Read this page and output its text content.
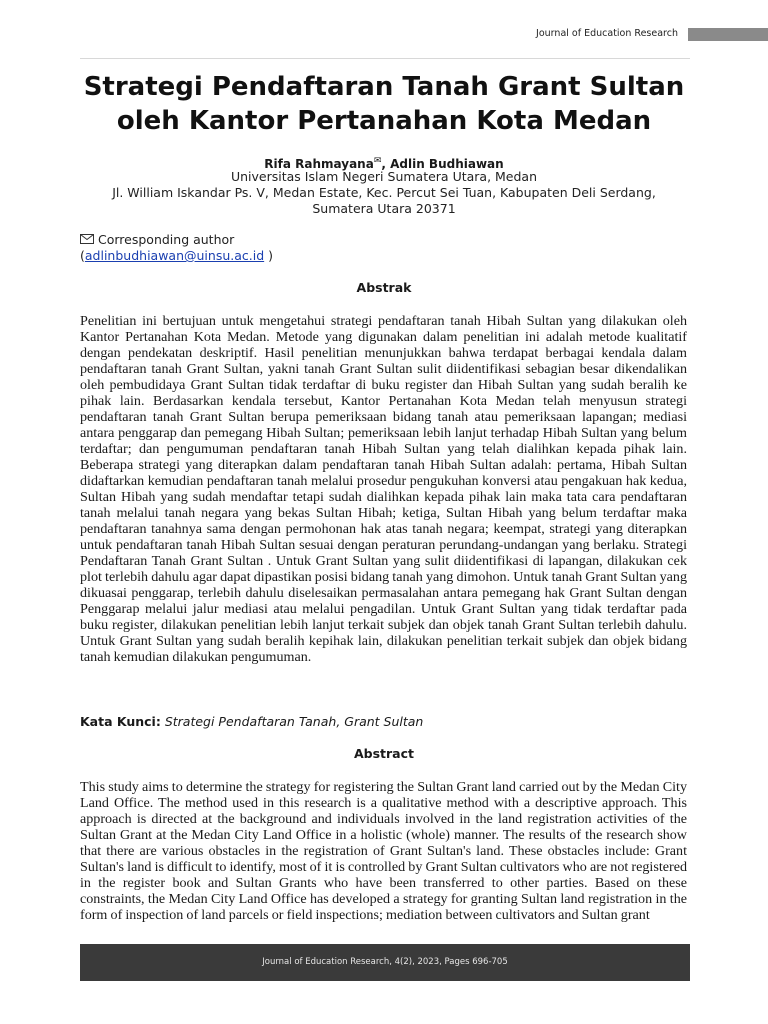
Journal of Education Research
Strategi Pendaftaran Tanah Grant Sultan
oleh Kantor Pertanahan Kota Medan
Rifa Rahmayana✉, Adlin Budhiawan
Universitas Islam Negeri Sumatera Utara, Medan
Jl. William Iskandar Ps. V, Medan Estate, Kec. Percut Sei Tuan, Kabupaten Deli Serdang, Sumatera Utara 20371
Corresponding author
(adlinbudhiawan@uinsu.ac.id )
Abstrak

Penelitian ini bertujuan untuk mengetahui strategi pendaftaran tanah Hibah Sultan yang dilakukan oleh Kantor Pertanahan Kota Medan. Metode yang digunakan dalam penelitian ini adalah metode kualitatif dengan pendekatan deskriptif. Hasil penelitian menunjukkan bahwa terdapat berbagai kendala dalam pendaftaran tanah Grant Sultan, yakni tanah Grant Sultan sulit diidentifikasi sebagian besar dikendalikan oleh pembudidaya Grant Sultan tidak terdaftar di buku register dan Hibah Sultan yang sudah beralih ke pihak lain. Berdasarkan kendala tersebut, Kantor Pertanahan Kota Medan telah menyusun strategi pendaftaran tanah Grant Sultan berupa pemeriksaan bidang tanah atau pemeriksaan lapangan; mediasi antara penggarap dan pemegang Hibah Sultan; pemeriksaan lebih lanjut terhadap Hibah Sultan yang belum terdaftar; dan pengumuman pendaftaran tanah Hibah Sultan yang telah dialihkan kepada pihak lain. Beberapa strategi yang diterapkan dalam pendaftaran tanah Hibah Sultan adalah: pertama, Hibah Sultan didaftarkan kemudian pendaftaran tanah melalui prosedur pengukuhan konversi atau pengakuan hak kedua, Sultan Hibah yang sudah mendaftar tetapi sudah dialihkan kepada pihak lain maka tata cara pendaftaran tanah melalui tanah negara yang bekas Sultan Hibah; ketiga, Sultan Hibah yang belum terdaftar maka pendaftaran tanahnya sama dengan permohonan hak atas tanah negara; keempat, strategi yang diterapkan untuk pendaftaran tanah Hibah Sultan sesuai dengan peraturan perundang-undangan yang berlaku. Strategi Pendaftaran Tanah Grant Sultan . Untuk Grant Sultan yang sulit diidentifikasi di lapangan, dilakukan cek plot terlebih dahulu agar dapat dipastikan posisi bidang tanah yang dimohon. Untuk tanah Grant Sultan yang dikuasai penggarap, terlebih dahulu diselesaikan permasalahan antara pemegang hak Grant Sultan dengan Penggarap melalui jalur mediasi atau melalui pengadilan. Untuk Grant Sultan yang tidak terdaftar pada buku register, dilakukan penelitian lebih lanjut terkait subjek dan objek tanah Grant Sultan terlebih dahulu. Untuk Grant Sultan yang sudah beralih kepihak lain, dilakukan penelitian terkait subjek dan objek bidang tanah kemudian dilakukan pengumuman.

Kata Kunci: Strategi Pendaftaran Tanah, Grant Sultan
Abstract

This study aims to determine the strategy for registering the Sultan Grant land carried out by the Medan City Land Office. The method used in this research is a qualitative method with a descriptive approach. This approach is directed at the background and individuals involved in the land registration activities of the Sultan Grant at the Medan City Land Office in a holistic (whole) manner. The results of the research show that there are various obstacles in the registration of Grant Sultan's land. These obstacles include: Grant Sultan's land is difficult to identify, most of it is controlled by Grant Sultan cultivators who are not registered in the register book and Sultan Grants who have been transferred to other parties. Based on these constraints, the Medan City Land Office has developed a strategy for granting Sultan land registration in the form of inspection of land parcels or field inspections; mediation between cultivators and Sultan grant

Journal of Education Research, 4(2), 2023, Pages 696-705
